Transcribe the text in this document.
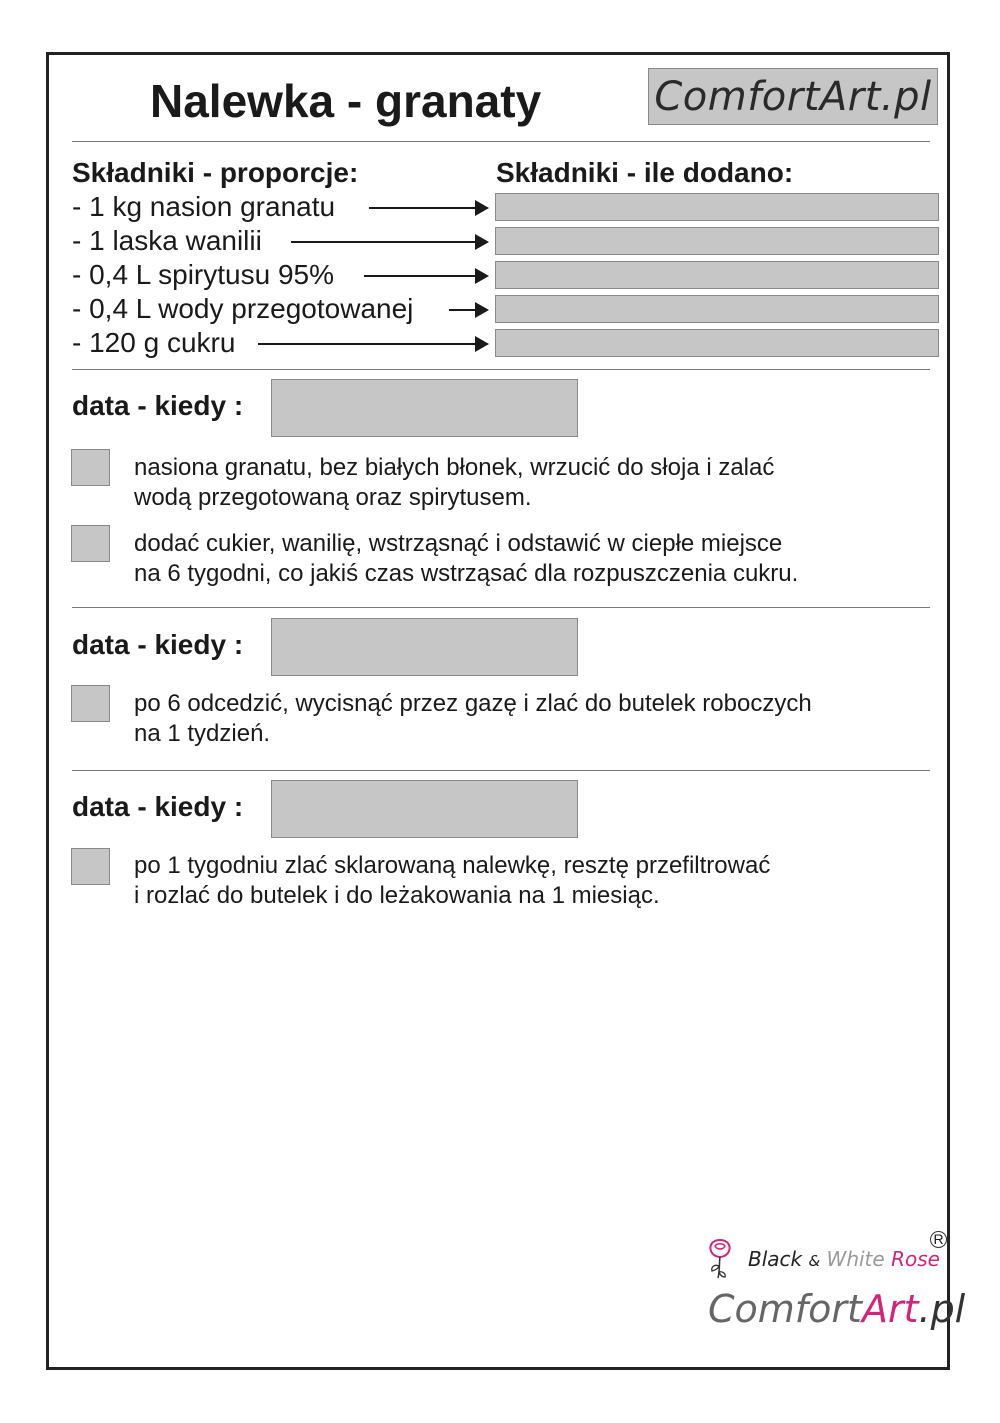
Nalewka - granaty	ComfortArt.pl
Składniki - proporcje:	Składniki - ile dodano:
- 1 kg nasion granatu
- 1 laska wanilii
- 0,4 L spirytusu 95%
- 0,4 L wody przegotowanej
- 120 g cukru
data - kiedy :
nasiona granatu, bez białych błonek, wrzucić do słoja i zalać
wodą przegotowaną oraz spirytusem.
dodać cukier, wanilię, wstrząsnąć i odstawić w ciepłe miejsce
na 6 tygodni, co jakiś czas wstrząsać dla rozpuszczenia cukru.
data - kiedy :
po 6 odcedzić, wycisnąć przez gazę i zlać do butelek roboczych
na 1 tydzień.
data - kiedy :
po 1 tygodniu zlać sklarowaną nalewkę, resztę przefiltrować
i rozlać do butelek i do leżakowania na 1 miesiąc.
Black & White Rose
R
ComfortArt.pl
